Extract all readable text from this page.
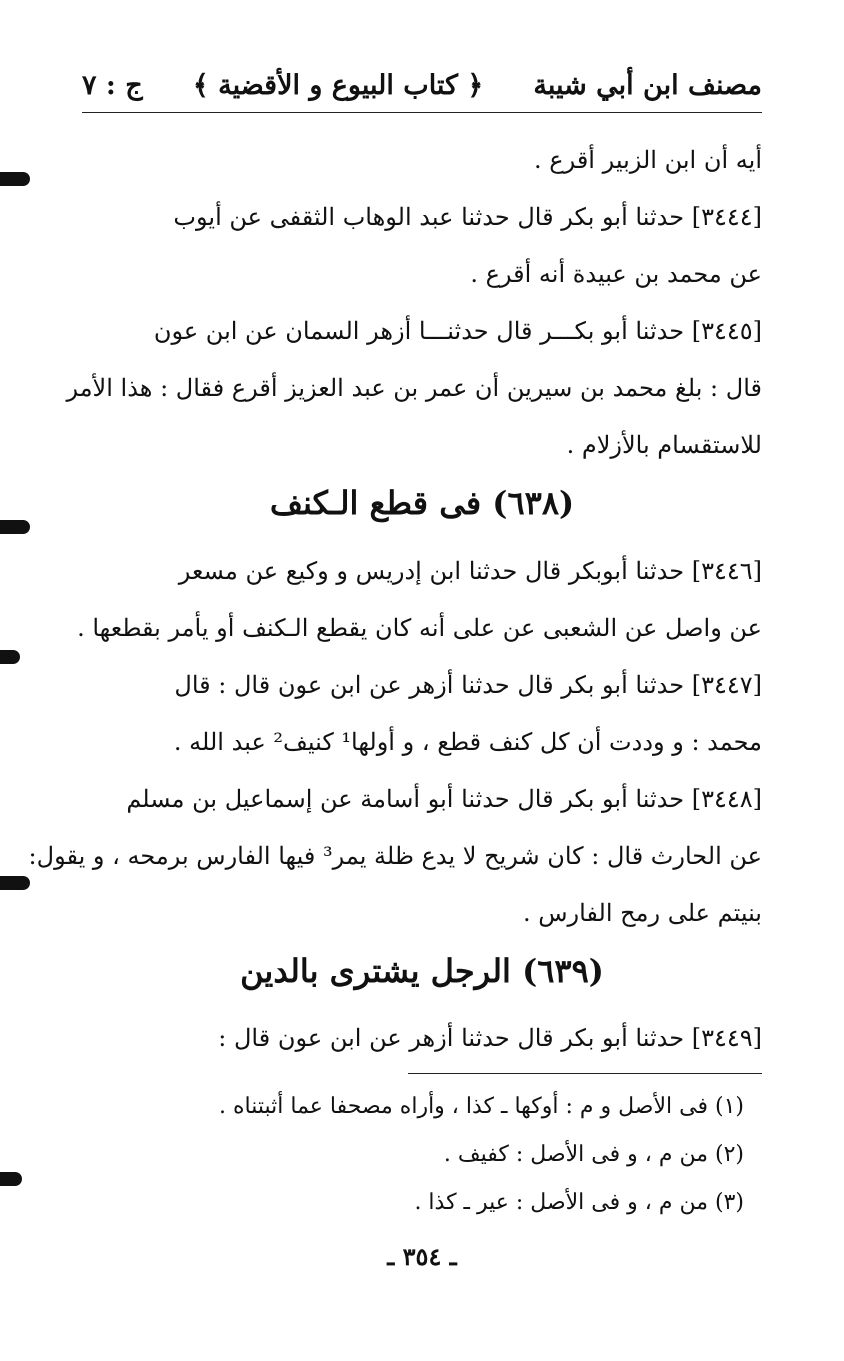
مصنف ابن أبي شيبة
﴿ كتاب البيوع و الأقضية ﴾
ج : ٧
أيه أن ابن الزبير أقرع .
[٣٤٤٤] حدثنا أبو بكر قال حدثنا عبد الوهاب الثقفى عن أيوب
عن محمد بن عبيدة أنه أقرع .
[٣٤٤٥] حدثنا أبو بكـــر قال حدثنـــا أزهر السمان عن ابن عون
قال : بلغ محمد بن سيرين أن عمر بن عبد العزيز أقرع فقال : هذا الأمر
للاستقسام بالأزلام .
(٦٣٨) فى قطع الـكنف
[٣٤٤٦] حدثنا أبوبكر قال حدثنا ابن إدريس و وكيع عن مسعر
عن واصل عن الشعبى عن على أنه كان يقطع الـكنف أو يأمر بقطعها .
[٣٤٤٧] حدثنا أبو بكر قال حدثنا أزهر عن ابن عون قال : قال
محمد : و وددت أن كل كنف قطع ، و أولها¹ كنيف² عبد الله .
[٣٤٤٨] حدثنا أبو بكر قال حدثنا أبو أسامة عن إسماعيل بن مسلم
عن الحارث قال : كان شريح لا يدع ظلة يمر³ فيها الفارس برمحه ، و يقول:
بنيتم على رمح الفارس .
(٦٣٩) الرجل يشترى بالدين
[٣٤٤٩] حدثنا أبو بكر قال حدثنا أزهر عن ابن عون قال :
(١) فى الأصل و م : أوكها ـ كذا ، وأراه مصحفا عما أثبتناه .
(٢) من م ، و فى الأصل : كفيف .
(٣) من م ، و فى الأصل : عير ـ كذا .
ـ ٣٥٤ ـ
